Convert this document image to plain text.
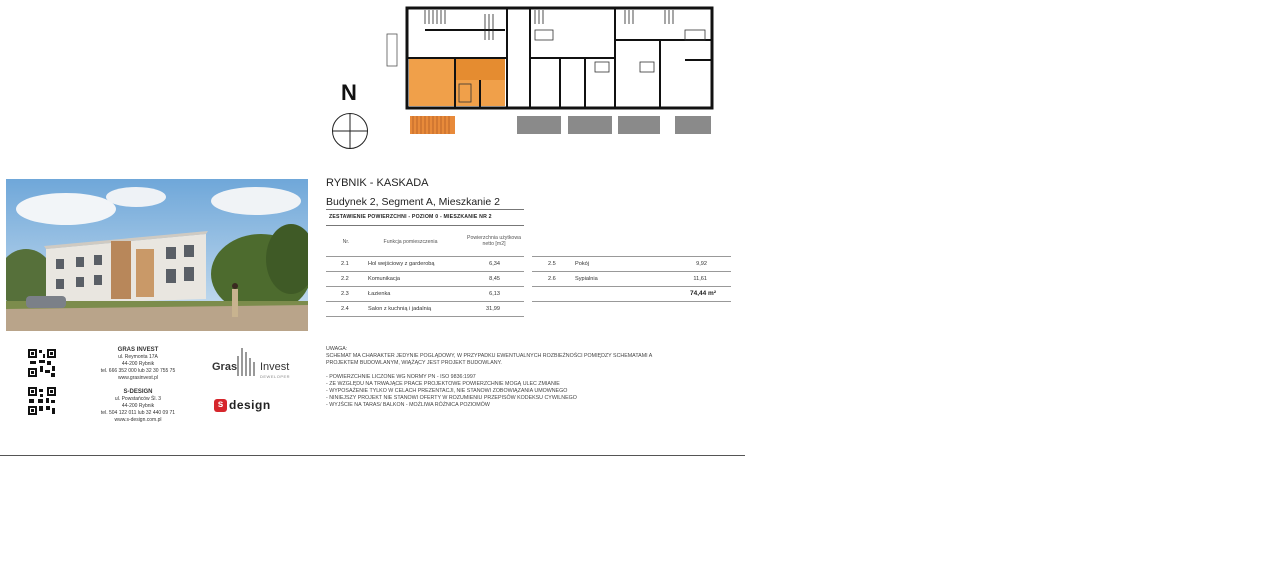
N
GRAS INVEST
ul. Reymonta 17A
44-200 Rybnik
tel. 666 352 000 lub 32 30 755 75
www.grasinvest.pl
S-DESIGN
ul. Powstańców Śl. 3
44-200 Rybnik
tel. 504 122 011 lub 32 440 09 71
www.s-design.com.pl
Gras Invest
DEWELOPER
s design
RYBNIK - KASKADA
Budynek 2, Segment A, Mieszkanie 2
ZESTAWIENIE POWIERZCHNI - POZIOM 0 - MIESZKANIE NR 2
Nr.	Funkcja pomieszczenia
Powierzchnia użytkowa
netto [m2]
2.1	Hol wejściowy z garderobą	6,34
2.2	Komunikacja	8,45
2.3	Łazienka	6,13
2.4	Salon z kuchnią i jadalnią	31,99
2.5	Pokój	9,92
2.6	Sypialnia	11,61
74,44 m²
UWAGA:
SCHEMAT MA CHARAKTER JEDYNIE POGLĄDOWY, W PRZYPADKU EWENTUALNYCH ROZBIEŻNOŚCI POMIĘDZY SCHEMATAMI A
PROJEKTEM BUDOWLANYM, WIĄŻĄCY JEST PROJEKT BUDOWLANY.
- POWIERZCHNIE LICZONE WG NORMY PN - ISO 9836:1997
- ZE WZGLĘDU NA TRWAJĄCE PRACE PROJEKTOWE POWIERZCHNIE MOGĄ ULEC ZMIANIE
- WYPOSAŻENIE TYLKO W CELACH PREZENTACJI, NIE STANOWI ZOBOWIĄZANIA UMOWNEGO
- NINIEJSZY PROJEKT NIE STANOWI OFERTY W ROZUMIENIU PRZEPISÓW KODEKSU CYWILNEGO
- WYJŚCIE NA TARAS/ BALKON - MOŻLIWA RÓŻNICA POZIOMÓW
